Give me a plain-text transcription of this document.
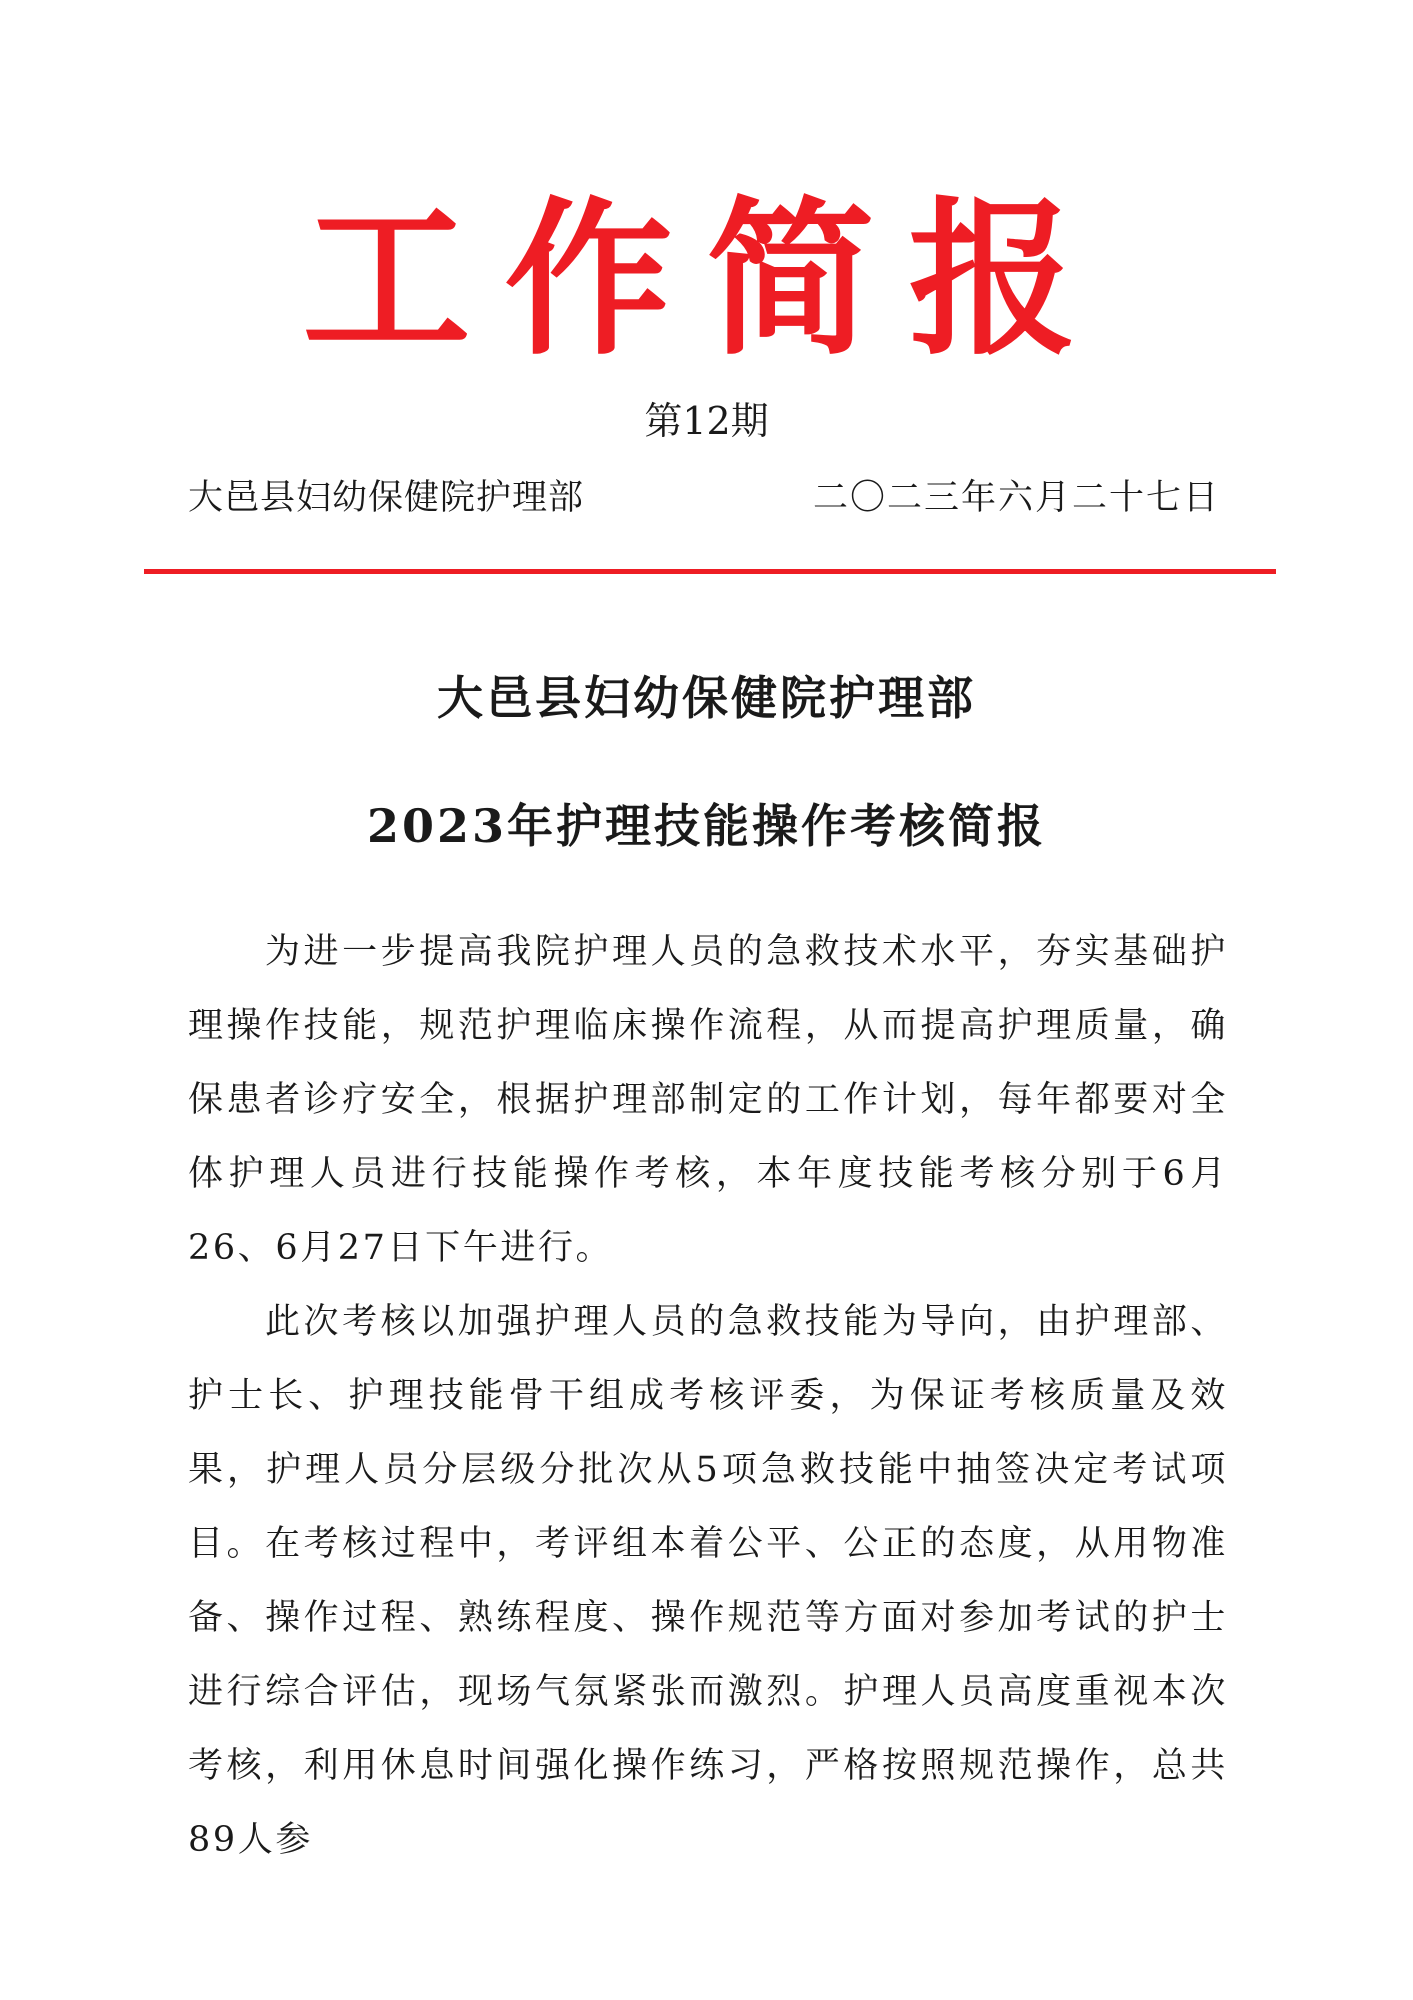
工作简报
第12期
大邑县妇幼保健院护理部	二〇二三年六月二十七日
大邑县妇幼保健院护理部
2023年护理技能操作考核简报

为进一步提高我院护理人员的急救技术水平，夯实基础护理操作技能，规范护理临床操作流程，从而提高护理质量，确保患者诊疗安全，根据护理部制定的工作计划，每年都要对全体护理人员进行技能操作考核，本年度技能考核分别于6月26、6月27日下午进行。

此次考核以加强护理人员的急救技能为导向，由护理部、护士长、护理技能骨干组成考核评委，为保证考核质量及效果，护理人员分层级分批次从5项急救技能中抽签决定考试项目。在考核过程中，考评组本着公平、公正的态度，从用物准备、操作过程、熟练程度、操作规范等方面对参加考试的护士进行综合评估，现场气氛紧张而激烈。护理人员高度重视本次考核，利用休息时间强化操作练习，严格按照规范操作，总共89人参
